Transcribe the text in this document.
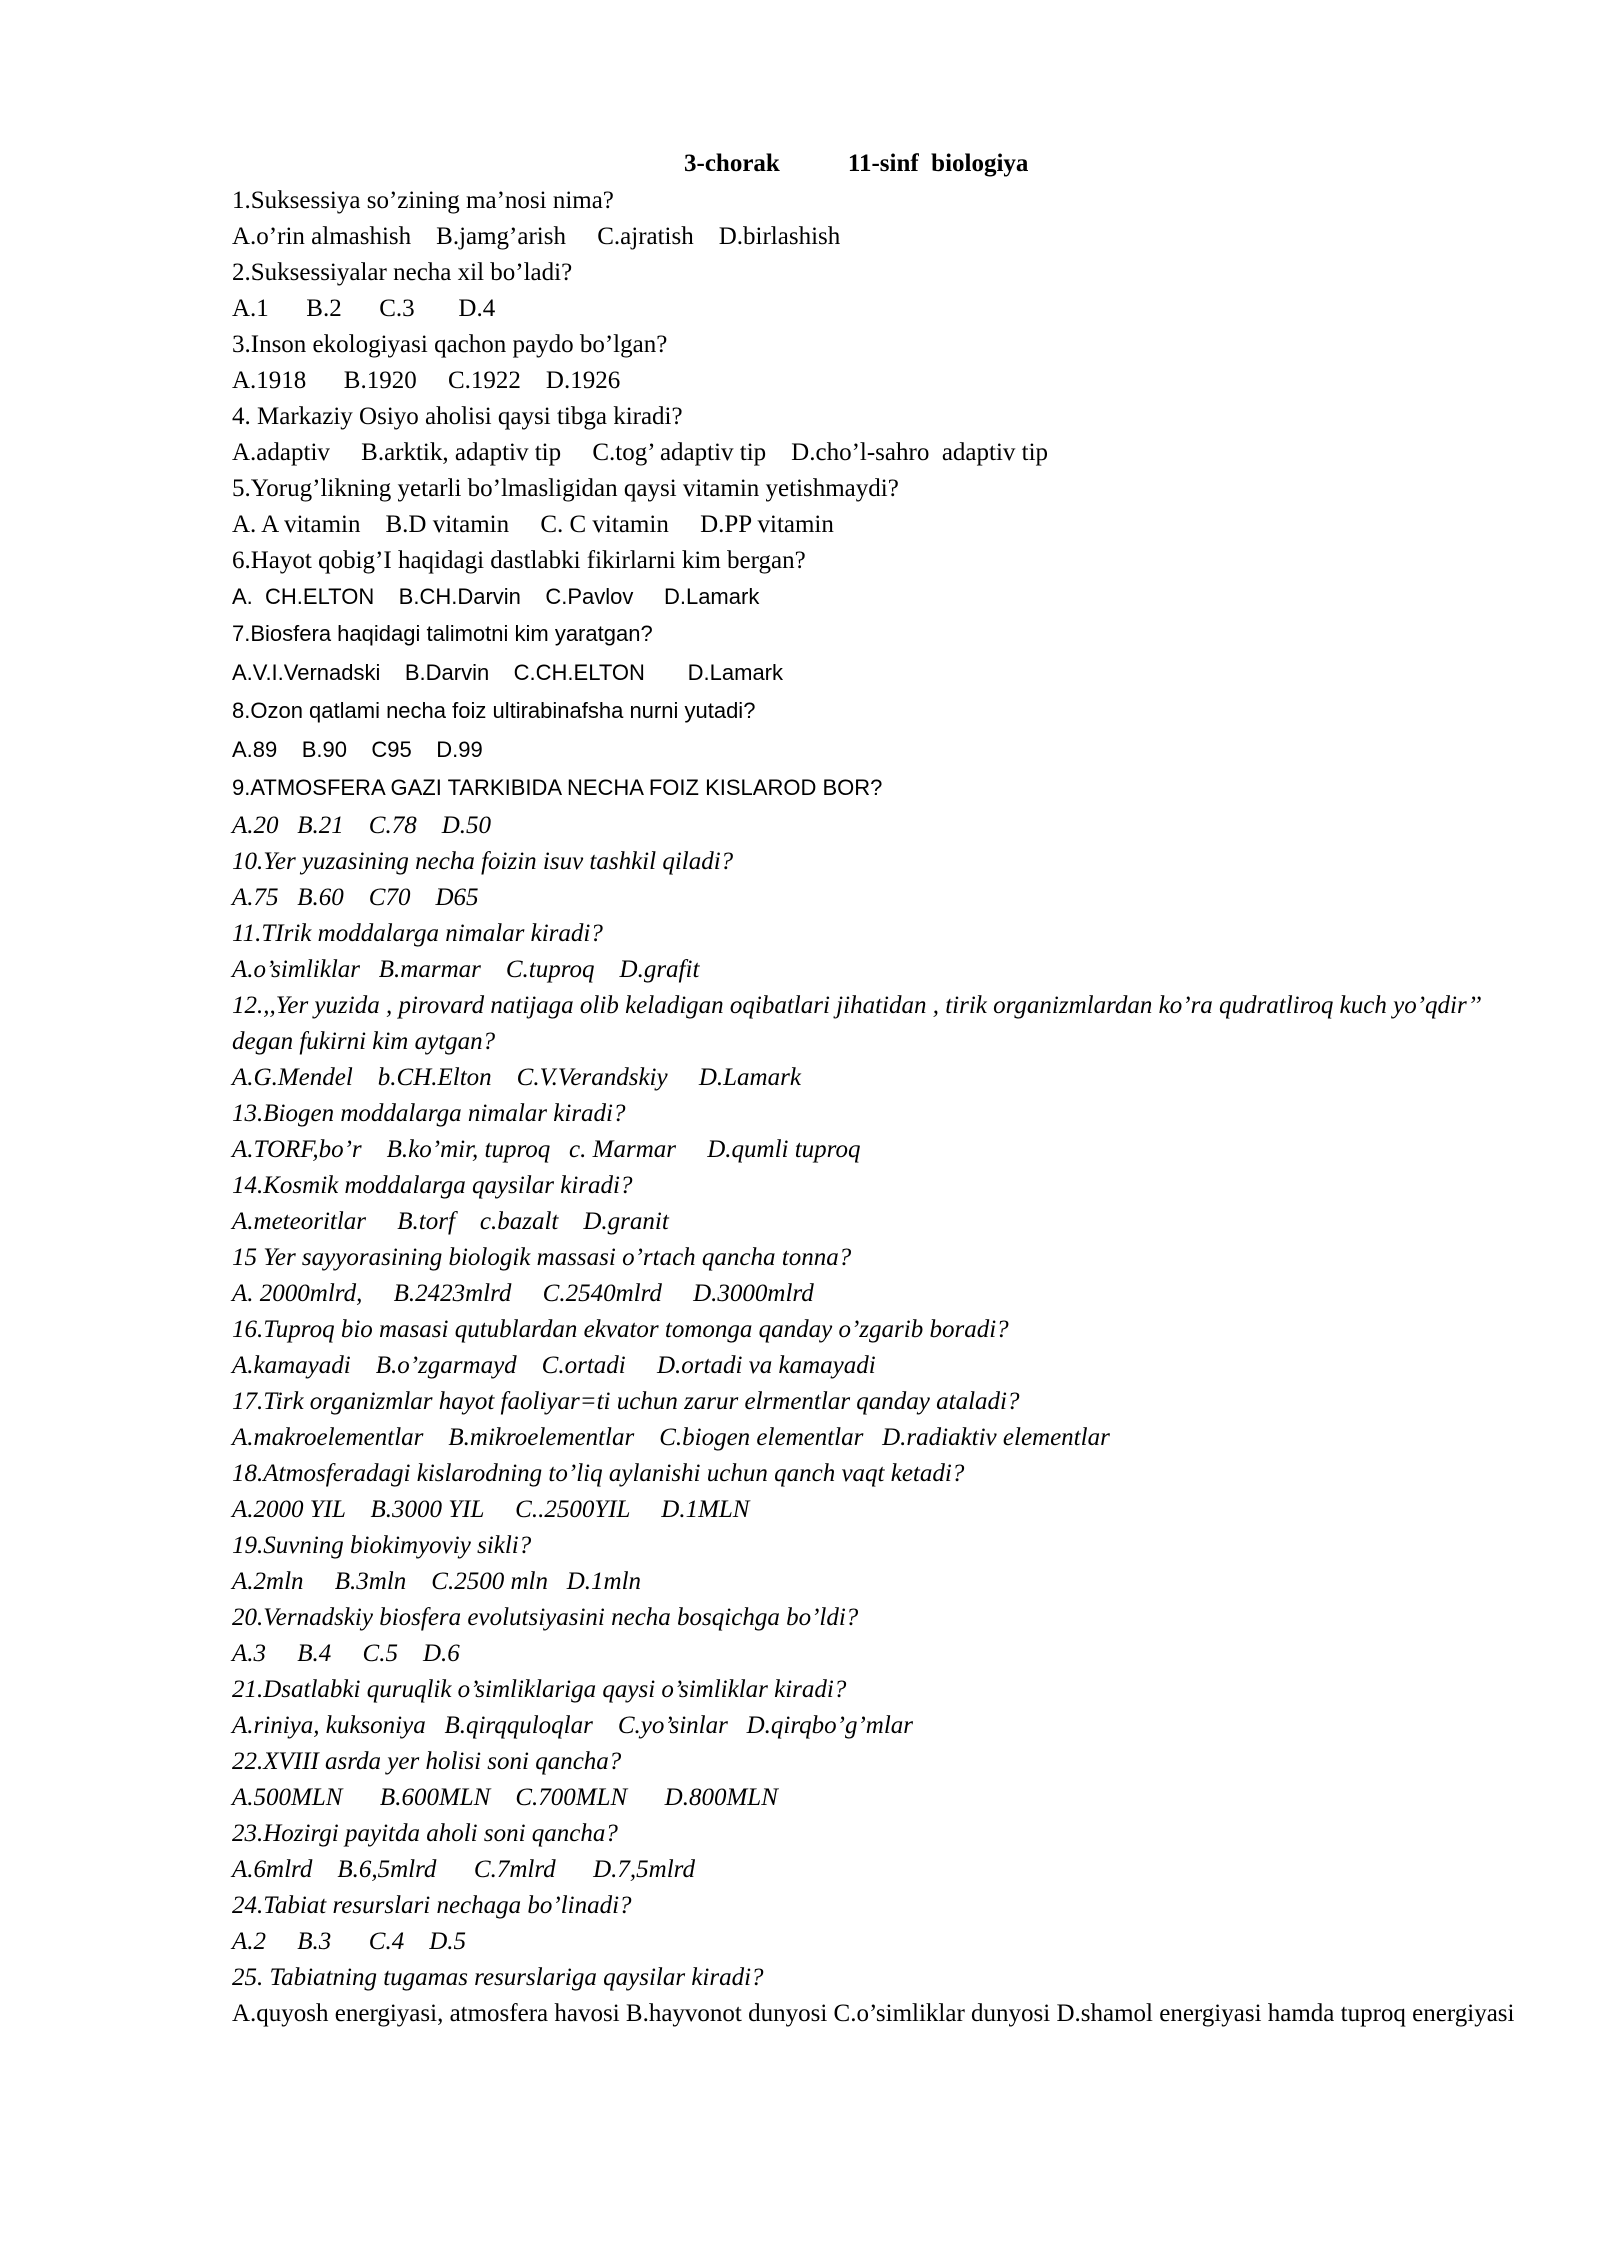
3-chorak	11-sinf  biologiya
1.Suksessiya so’zining ma’nosi nima?
A.o’rin almashish    B.jamg’arish     C.ajratish    D.birlashish
2.Suksessiyalar necha xil bo’ladi?
A.1      B.2      C.3       D.4
3.Inson ekologiyasi qachon paydo bo’lgan?
A.1918      B.1920     C.1922    D.1926
4. Markaziy Osiyo aholisi qaysi tibga kiradi?
A.adaptiv     B.arktik, adaptiv tip     C.tog’ adaptiv tip    D.cho’l-sahro  adaptiv tip
5.Yorug’likning yetarli bo’lmasligidan qaysi vitamin yetishmaydi?
A. A vitamin    B.D vitamin     C. C vitamin     D.PP vitamin
6.Hayot qobig’I haqidagi dastlabki fikirlarni kim bergan?
A.  CH.ELTON    B.CH.Darvin    C.Pavlov     D.Lamark
7.Biosfera haqidagi talimotni kim yaratgan?
A.V.I.Vernadski    B.Darvin    C.CH.ELTON       D.Lamark
8.Ozon qatlami necha foiz ultirabinafsha nurni yutadi?
A.89    B.90    C95    D.99
9.ATMOSFERA GAZI TARKIBIDA NECHA FOIZ KISLAROD BOR?
A.20   B.21    C.78    D.50
10.Yer yuzasining necha foizin isuv tashkil qiladi?
A.75   B.60    C70    D65
11.TIrik moddalarga nimalar kiradi?
A.o’simliklar   B.marmar    C.tuproq    D.grafit
12.,,Yer yuzida , pirovard natijaga olib keladigan oqibatlari jihatidan , tirik organizmlardan ko’ra qudratliroq kuch yo’qdir’’ degan fukirni kim aytgan?
A.G.Mendel    b.CH.Elton    C.V.Verandskiy     D.Lamark
13.Biogen moddalarga nimalar kiradi?
A.TORF,bo’r    B.ko’mir, tuproq   c. Marmar     D.qumli tuproq
14.Kosmik moddalarga qaysilar kiradi?
A.meteoritlar     B.torf    c.bazalt    D.granit
15 Yer sayyorasining biologik massasi o’rtach qancha tonna?
A. 2000mlrd,     B.2423mlrd     C.2540mlrd     D.3000mlrd
16.Tuproq bio masasi qutublardan ekvator tomonga qanday o’zgarib boradi?
A.kamayadi    B.o’zgarmayd    C.ortadi     D.ortadi va kamayadi
17.Tirk organizmlar hayot faoliyar=ti uchun zarur elrmentlar qanday ataladi?
A.makroelementlar    B.mikroelementlar    C.biogen elementlar   D.radiaktiv elementlar
18.Atmosferadagi kislarodning to’liq aylanishi uchun qanch vaqt ketadi?
A.2000 YIL    B.3000 YIL     C..2500YIL     D.1MLN
19.Suvning biokimyoviy sikli?
A.2mln     B.3mln    C.2500 mln   D.1mln
20.Vernadskiy biosfera evolutsiyasini necha bosqichga bo’ldi?
A.3     B.4     C.5    D.6
21.Dsatlabki quruqlik o’simliklariga qaysi o’simliklar kiradi?
A.riniya, kuksoniya   B.qirqquloqlar    C.yo’sinlar   D.qirqbo’g’mlar
22.XVIII asrda yer holisi soni qancha?
A.500MLN      B.600MLN    C.700MLN      D.800MLN
23.Hozirgi payitda aholi soni qancha?
A.6mlrd    B.6,5mlrd      C.7mlrd      D.7,5mlrd
24.Tabiat resurslari nechaga bo’linadi?
A.2     B.3      C.4    D.5
25. Tabiatning tugamas resurslariga qaysilar kiradi?
A.quyosh energiyasi, atmosfera havosi B.hayvonot dunyosi C.o’simliklar dunyosi D.shamol energiyasi hamda tuproq energiyasi
